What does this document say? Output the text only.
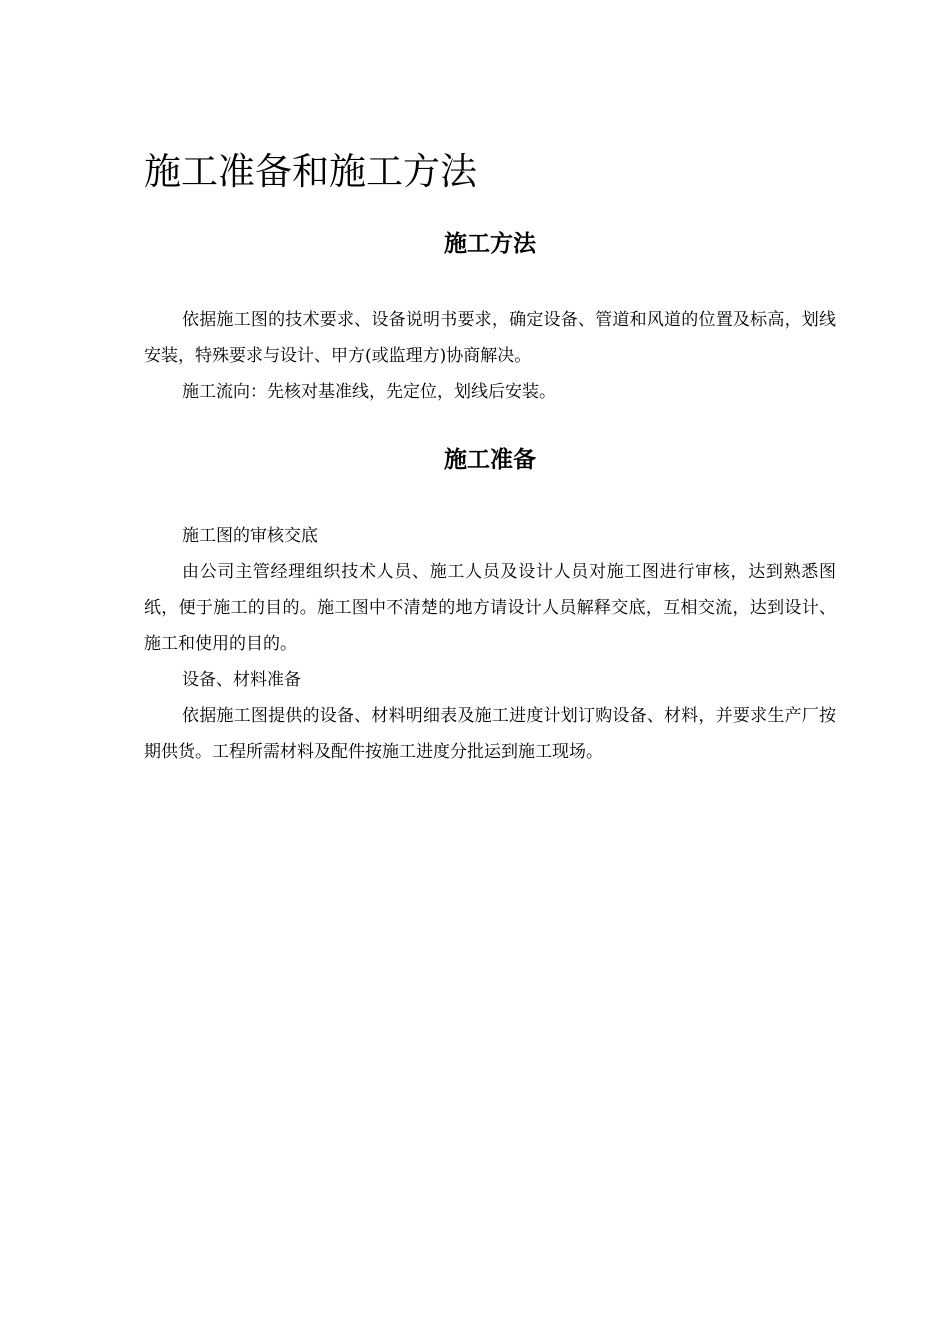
施工准备和施工方法
施工方法

依据施工图的技术要求、设备说明书要求，确定设备、管道和风道的位置及标高，划线安装，特殊要求与设计、甲方(或监理方)协商解决。

施工流向：先核对基准线，先定位，划线后安装。

施工准备

施工图的审核交底

由公司主管经理组织技术人员、施工人员及设计人员对施工图进行审核，达到熟悉图纸，便于施工的目的。施工图中不清楚的地方请设计人员解释交底，互相交流，达到设计、施工和使用的目的。

设备、材料准备

依据施工图提供的设备、材料明细表及施工进度计划订购设备、材料，并要求生产厂按期供货。工程所需材料及配件按施工进度分批运到施工现场。
